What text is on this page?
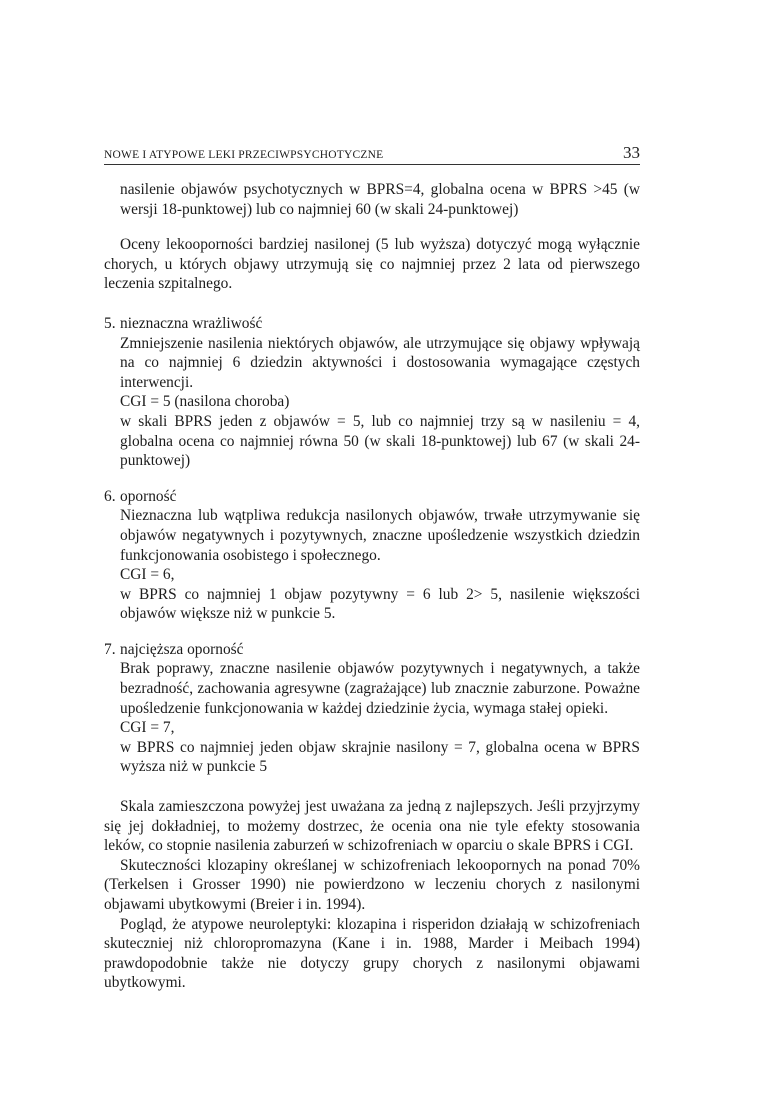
NOWE I ATYPOWE LEKI PRZECIWPSYCHOTYCZNE	33

nasilenie objawów psychotycznych w BPRS=4, globalna ocena w BPRS >45 (w wersji 18-punktowej) lub co najmniej 60 (w skali 24-punktowej)

Oceny lekooporności bardziej nasilonej (5 lub wyższa) dotyczyć mogą wyłącznie chorych, u których objawy utrzymują się co najmniej przez 2 lata od pierwszego leczenia szpitalnego.

5. nieznaczna wrażliwość

Zmniejszenie nasilenia niektórych objawów, ale utrzymujące się objawy wpływają na co najmniej 6 dziedzin aktywności i dostosowania wymagające częstych interwencji.

CGI = 5 (nasilona choroba)

w skali BPRS jeden z objawów = 5, lub co najmniej trzy są w nasileniu = 4, globalna ocena co najmniej równa 50 (w skali 18-punktowej) lub 67 (w skali 24-punktowej)

6. oporność

Nieznaczna lub wątpliwa redukcja nasilonych objawów, trwałe utrzymywanie się objawów negatywnych i pozytywnych, znaczne upośledzenie wszystkich dziedzin funkcjonowania osobistego i społecznego.

CGI = 6,

w BPRS co najmniej 1 objaw pozytywny = 6 lub 2> 5, nasilenie większości objawów większe niż w punkcie 5.

7. najcięższa oporność

Brak poprawy, znaczne nasilenie objawów pozytywnych i negatywnych, a także bezradność, zachowania agresywne (zagrażające) lub znacznie zaburzone. Poważne upośledzenie funkcjonowania w każdej dziedzinie życia, wymaga stałej opieki.

CGI = 7,

w BPRS co najmniej jeden objaw skrajnie nasilony = 7, globalna ocena w BPRS wyższa niż w punkcie 5

Skala zamieszczona powyżej jest uważana za jedną z najlepszych. Jeśli przyjrzymy się jej dokładniej, to możemy dostrzec, że ocenia ona nie tyle efekty stosowania leków, co stopnie nasilenia zaburzeń w schizofreniach w oparciu o skale BPRS i CGI.

Skuteczności klozapiny określanej w schizofreniach lekoopornych na ponad 70% (Terkelsen i Grosser 1990) nie powierdzono w leczeniu chorych z nasilonymi objawami ubytkowymi (Breier i in. 1994).

Pogląd, że atypowe neuroleptyki: klozapina i risperidon działają w schizofreniach skuteczniej niż chloropromazyna (Kane i in. 1988, Marder i Meibach 1994) prawdopodobnie także nie dotyczy grupy chorych z nasilonymi objawami ubytkowymi.
